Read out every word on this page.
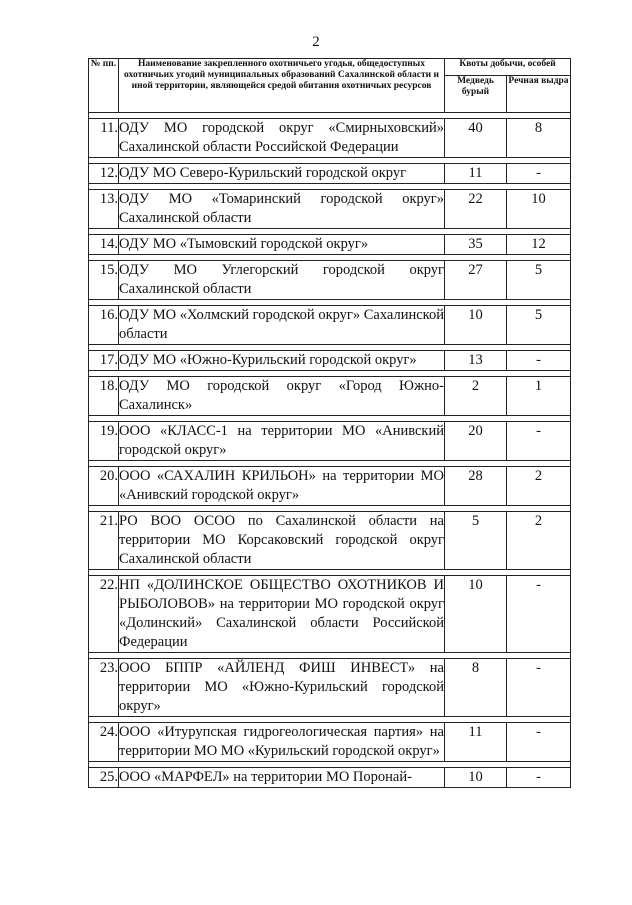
2
№ пп.	Наименование закрепленного охотничьего угодья, общедоступных охотничьих угодий муниципальных образований Сахалинской области и иной территории, являющейся средой обитания охотничьих ресурсов	Квоты добычи, особей	
		Медведь бурый	Речная выдра

11.	ОДУ МО городской округ «Смирныховский» Сахалинской области Российской Федерации	40	8

12.	ОДУ МО Северо-Курильский городской округ	11	-

13.	ОДУ МО «Томаринский городской округ» Сахалинской области	22	10

14.	ОДУ МО «Тымовский городской округ»	35	12

15.	ОДУ МО Углегорский городской округ Сахалинской области	27	5

16.	ОДУ МО «Холмский городской округ» Сахалинской области	10	5

17.	ОДУ МО «Южно-Курильский городской округ»	13	-

18.	ОДУ МО городской округ «Город Южно-Сахалинск»	2	1

19.	ООО «КЛАСС-1 на территории МО «Анивский городской округ»	20	-

20.	ООО «САХАЛИН КРИЛЬОН» на территории МО «Анивский городской округ»	28	2

21.	РО ВОО ОСОО по Сахалинской области на территории МО Корсаковский городской округ Сахалинской области	5	2

22.	НП «ДОЛИНСКОЕ ОБЩЕСТВО ОХОТНИКОВ И РЫБОЛОВОВ» на территории МО городской округ «Долинский» Сахалинской области Российской Федерации	10	-

23.	ООО БППР «АЙЛЕНД ФИШ ИНВЕСТ» на территории МО «Южно-Курильский городской округ»	8	-

24.	ООО «Итурупская гидрогеологическая партия» на территории МО МО «Курильский городской округ»	11	-

25.	ООО «МАРФЕЛ» на территории МО Поронай-	10	-
